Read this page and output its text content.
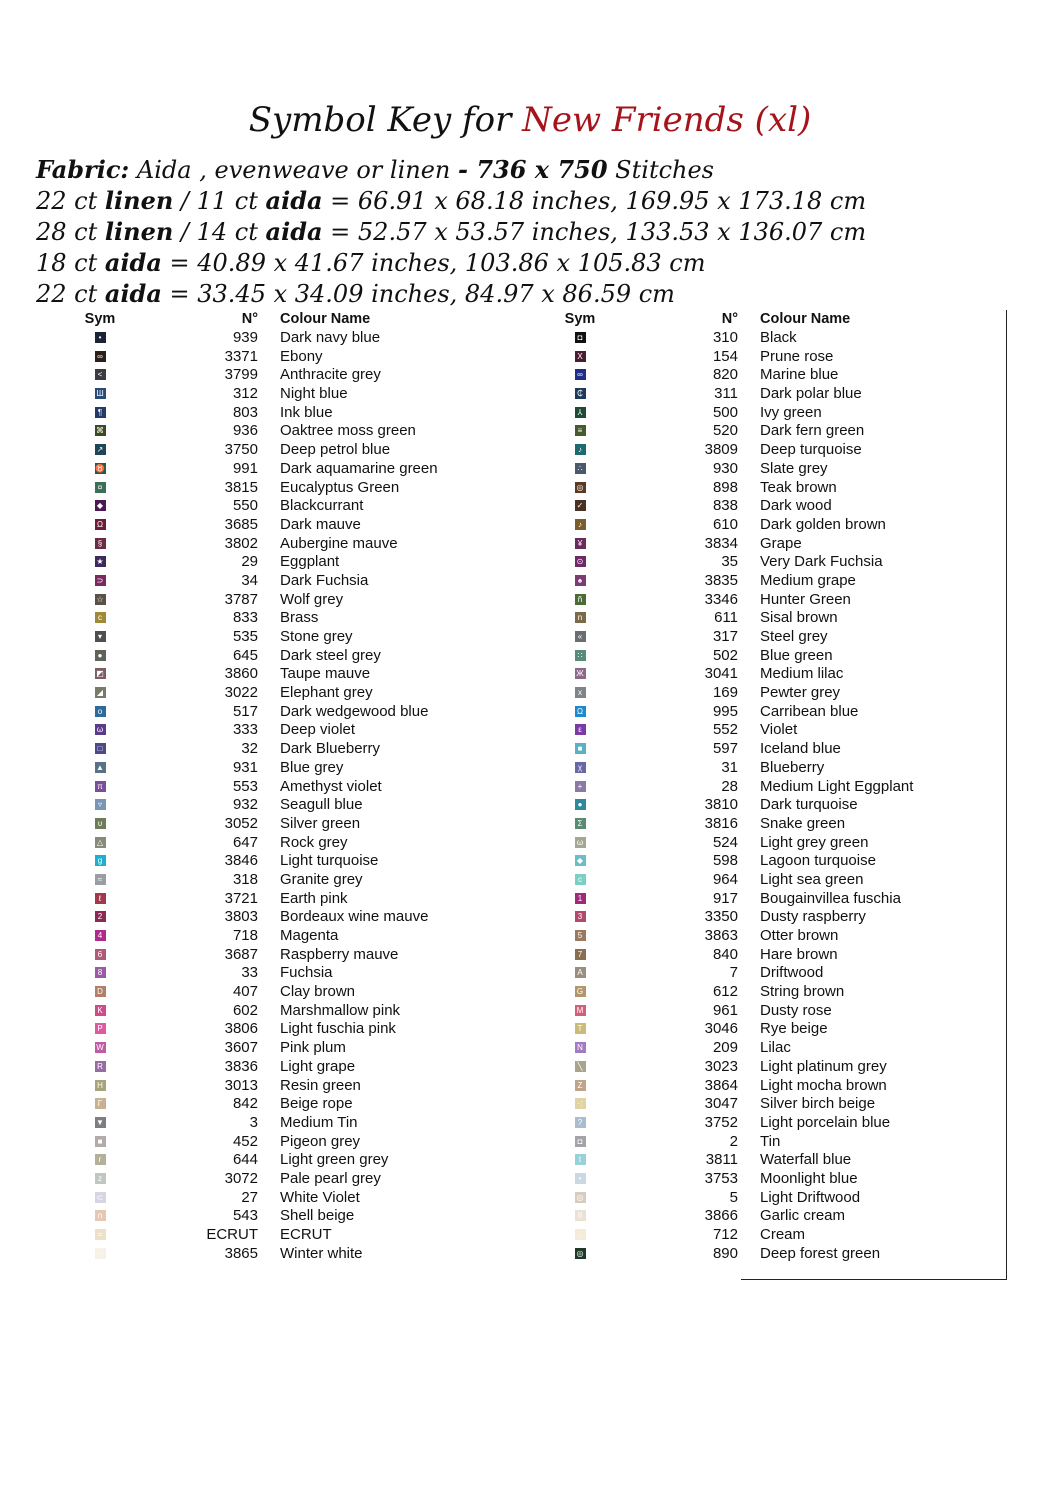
Symbol Key for New Friends (xl)
Fabric: Aida , evenweave or linen - 736 x 750 Stitches
22 ct linen / 11 ct aida = 66.91 x 68.18 inches, 169.95 x 173.18 cm
28 ct linen / 14 ct aida = 52.57 x 53.57 inches, 133.53 x 136.07 cm
18 ct aida = 40.89 x 41.67 inches, 103.86 x 105.83 cm
22 ct aida = 33.45 x 34.09 inches, 84.97 x 86.59 cm
Sym	N° Colour Name
•	939 Dark navy blue
∞	3371 Ebony
<	3799 Anthracite grey
Ш	312 Night blue
¶	803 Ink blue
⌘	936 Oaktree moss green
↗	3750 Deep petrol blue
♉	991 Dark aquamarine green
¤	3815 Eucalyptus Green
◆	550 Blackcurrant
Ω	3685 Dark mauve
§	3802 Aubergine mauve
★	29 Eggplant
⊃	34 Dark Fuchsia
☆	3787 Wolf grey
c	833 Brass
▾	535 Stone grey
●	645 Dark steel grey
◩	3860 Taupe mauve
◢	3022 Elephant grey
o	517 Dark wedgewood blue
ω	333 Deep violet
□	32 Dark Blueberry
▲	931 Blue grey
π	553 Amethyst violet
▿	932 Seagull blue
υ	3052 Silver green
△	647 Rock grey
g	3846 Light turquoise
≈	318 Granite grey
ℓ	3721 Earth pink
2	3803 Bordeaux wine mauve
4	718 Magenta
6	3687 Raspberry mauve
8	33 Fuchsia
D	407 Clay brown
K	602 Marshmallow pink
P	3806 Light fuschia pink
W	3607 Pink plum
R	3836 Light grape
H	3013 Resin green
Γ	842 Beige rope
▼	3 Medium Tin
■	452 Pigeon grey
r	644 Light green grey
z	3072 Pale pearl grey
⊂	27 White Violet
n	543 Shell beige
=	ECRUT ECRUT
··	3865 Winter white
Sym	N° Colour Name
◘	310 Black
X	154 Prune rose
∞	820 Marine blue
₵	311 Dark polar blue
⅄	500 Ivy green
≡	520 Dark fern green
♪	3809 Deep turquoise
∴	930 Slate grey
◎	898 Teak brown
✓	838 Dark wood
♪	610 Dark golden brown
¥	3834 Grape
⊙	35 Very Dark Fuchsia
♠	3835 Medium grape
ñ	3346 Hunter Green
n	611 Sisal brown
«	317 Steel grey
∷	502 Blue green
Ж	3041 Medium lilac
x	169 Pewter grey
Ω	995 Carribean blue
ε	552 Violet
■	597 Iceland blue
χ	31 Blueberry
+	28 Medium Light Eggplant
●	3810 Dark turquoise
Σ	3816 Snake green
ω	524 Light grey green
◆	598 Lagoon turquoise
c	964 Light sea green
1	917 Bougainvillea fuschia
3	3350 Dusty raspberry
5	3863 Otter brown
7	840 Hare brown
A	7 Driftwood
G	612 String brown
M	961 Dusty rose
T	3046 Rye beige
N	209 Lilac
╲	3023 Light platinum grey
Z	3864 Light mocha brown
·:	3047 Silver birch beige
?	3752 Light porcelain blue
◘	2 Tin
t	3811 Waterfall blue
•	3753 Moonlight blue
◎	5 Light Driftwood
II	3866 Garlic cream
·.	712 Cream
◎	890 Deep forest green
